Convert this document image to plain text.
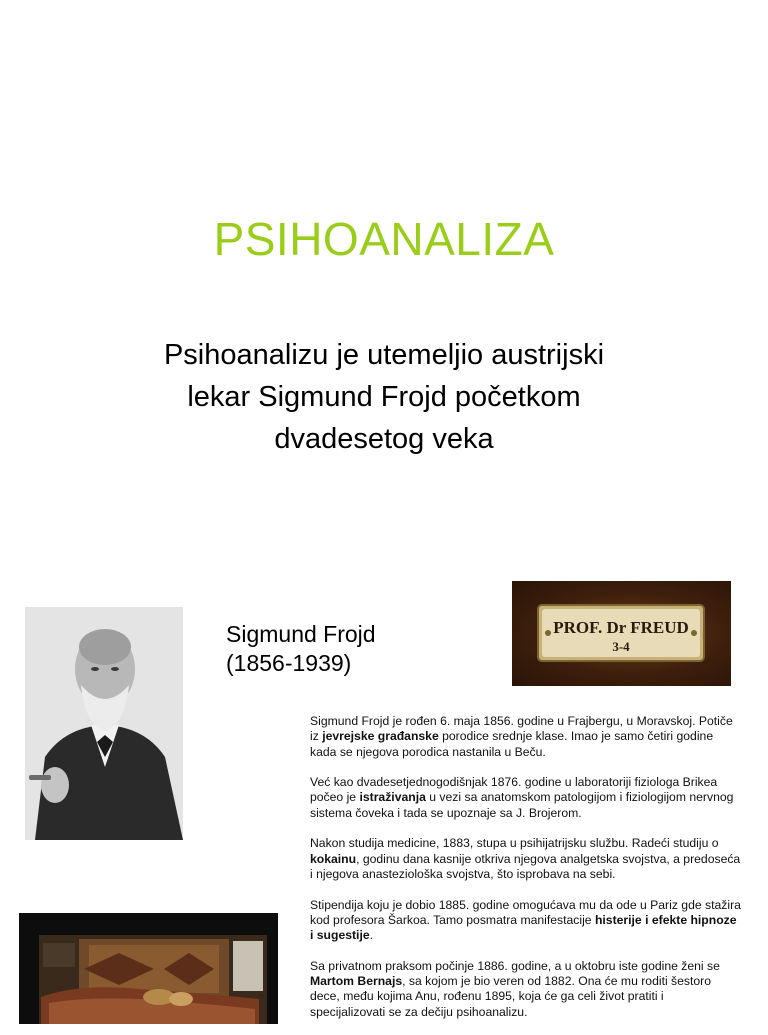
PSIHOANALIZA
Psihoanalizu je utemeljio austrijski
lekar Sigmund Frojd početkom
dvadesetog veka
Sigmund Frojd
(1856-1939)
PROF. Dr FREUD
3-4

Sigmund Frojd je rođen 6. maja 1856. godine u Frajbergu, u Moravskoj. Potiče iz jevrejske građanske porodice srednje klase. Imao je samo četiri godine kada se njegova porodica nastanila u Beču.

Već kao dvadesetjednogodišnjak 1876. godine u laboratoriji fiziologa Brikea počeo je istraživanja u vezi sa anatomskom patologijom i fiziologijom nervnog sistema čoveka i tada se upoznaje sa J. Brojerom.

Nakon studija medicine, 1883, stupa u psihijatrijsku službu. Radeći studiju o kokainu, godinu dana kasnije otkriva njegova analgetska svojstva, a predoseća i njegova anasteziološka svojstva, što isprobava na sebi.

Stipendija koju je dobio 1885. godine omogućava mu da ode u Pariz gde stažira kod profesora Šarkoa. Tamo posmatra manifestacije histerije i efekte hipnoze i sugestije.

Sa privatnom praksom počinje 1886. godine, a u oktobru iste godine ženi se Martom Bernajs, sa kojom je bio veren od 1882. Ona će mu roditi šestoro dece, među kojima Anu, rođenu 1895, koja će ga celi život pratiti i specijalizovati se za dečiju psihoanalizu.
